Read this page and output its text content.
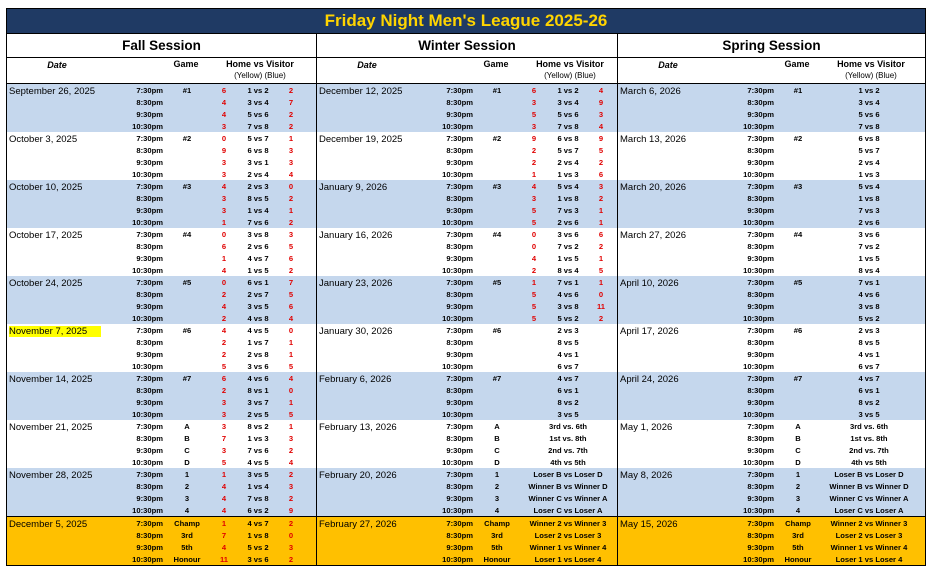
Friday Night Men's League 2025-26
Fall Session	Winter Session	Spring Session
Date	Game	Home vs Visitor
(Yellow) (Blue)
Date	Game	Home vs Visitor
(Yellow) (Blue)
Date	Game	Home vs Visitor
(Yellow) (Blue)
September 26, 2025	7:30pm	#1	6	1 vs 2	2
8:30pm	4	3 vs 4	7
9:30pm	4	5 vs 6	2
10:30pm	3	7 vs 8	2
December 12, 2025	7:30pm	#1	6	1 vs 2	4
8:30pm	3	3 vs 4	9
9:30pm	5	5 vs 6	3
10:30pm	3	7 vs 8	4
March 6, 2026	7:30pm	#1	1 vs 2
8:30pm	3 vs 4
9:30pm	5 vs 6
10:30pm	7 vs 8
October 3, 2025	7:30pm	#2	0	5 vs 7	1
8:30pm	9	6 vs 8	3
9:30pm	3	3 vs 1	3
10:30pm	3	2 vs 4	4
December 19, 2025	7:30pm	#2	9	6 vs 8	9
8:30pm	2	5 vs 7	5
9:30pm	2	2 vs 4	2
10:30pm	1	1 vs 3	6
March 13, 2026	7:30pm	#2	6 vs 8
8:30pm	5 vs 7
9:30pm	2 vs 4
10:30pm	1 vs 3
October 10, 2025	7:30pm	#3	4	2 vs 3	0
8:30pm	3	8 vs 5	2
9:30pm	3	1 vs 4	1
10:30pm	1	7 vs 6	2
January 9, 2026	7:30pm	#3	4	5 vs 4	3
8:30pm	3	1 vs 8	2
9:30pm	5	7 vs 3	1
10:30pm	5	2 vs 6	1
March 20, 2026	7:30pm	#3	5 vs 4
8:30pm	1 vs 8
9:30pm	7 vs 3
10:30pm	2 vs 6
October 17, 2025	7:30pm	#4	0	3 vs 8	3
8:30pm	6	2 vs 6	5
9:30pm	1	4 vs 7	6
10:30pm	4	1 vs 5	2
January 16, 2026	7:30pm	#4	0	3 vs 6	6
8:30pm	0	7 vs 2	2
9:30pm	4	1 vs 5	1
10:30pm	2	8 vs 4	5
March 27, 2026	7:30pm	#4	3 vs 6
8:30pm	7 vs 2
9:30pm	1 vs 5
10:30pm	8 vs 4
October 24, 2025	7:30pm	#5	0	6 vs 1	7
8:30pm	2	2 vs 7	5
9:30pm	4	3 vs 5	6
10:30pm	2	4 vs 8	4
January 23, 2026	7:30pm	#5	1	7 vs 1	1
8:30pm	5	4 vs 6	0
9:30pm	5	3 vs 8	11
10:30pm	5	5 vs 2	2
April 10, 2026	7:30pm	#5	7 vs 1
8:30pm	4 vs 6
9:30pm	3 vs 8
10:30pm	5 vs 2
November 7, 2025	7:30pm	#6	4	4 vs 5	0
8:30pm	2	1 vs 7	1
9:30pm	2	2 vs 8	1
10:30pm	5	3 vs 6	5
January 30, 2026	7:30pm	#6	2 vs 3
8:30pm	8 vs 5
9:30pm	4 vs 1
10:30pm	6 vs 7
April 17, 2026	7:30pm	#6	2 vs 3
8:30pm	8 vs 5
9:30pm	4 vs 1
10:30pm	6 vs 7
November 14, 2025	7:30pm	#7	6	4 vs 6	4
8:30pm	2	8 vs 1	0
9:30pm	3	3 vs 7	1
10:30pm	3	2 vs 5	5
February 6, 2026	7:30pm	#7	4 vs 7
8:30pm	6 vs 1
9:30pm	8 vs 2
10:30pm	3 vs 5
April 24, 2026	7:30pm	#7	4 vs 7
8:30pm	6 vs 1
9:30pm	8 vs 2
10:30pm	3 vs 5
November 21, 2025	7:30pm	A	3	8 vs 2	1
8:30pm	B	7	1 vs 3	3
9:30pm	C	3	7 vs 6	2
10:30pm	D	5	4 vs 5	4
February 13, 2026	7:30pm	A	3rd vs. 6th
8:30pm	B	1st vs. 8th
9:30pm	C	2nd vs. 7th
10:30pm	D	4th vs 5th
May 1, 2026	7:30pm	A	3rd vs. 6th
8:30pm	B	1st vs. 8th
9:30pm	C	2nd vs. 7th
10:30pm	D	4th vs 5th
November 28, 2025	7:30pm	1	1	3 vs 5	2
8:30pm	2	4	1 vs 4	3
9:30pm	3	4	7 vs 8	2
10:30pm	4	4	6 vs 2	9
February 20, 2026	7:30pm	1	Loser B vs Loser D
8:30pm	2	Winner B vs Winner D
9:30pm	3	Winner C vs Winner A
10:30pm	4	Loser C vs Loser A
May 8, 2026	7:30pm	1	Loser B vs Loser D
8:30pm	2	Winner B vs Winner D
9:30pm	3	Winner C vs Winner A
10:30pm	4	Loser C vs Loser A
December 5, 2025	7:30pm	Champ	1	4 vs 7	2
8:30pm	3rd	7	1 vs 8	0
9:30pm	5th	4	5 vs 2	3
10:30pm	Honour	11	3 vs 6	2
February 27, 2026	7:30pm	Champ	Winner 2 vs Winner 3
8:30pm	3rd	Loser 2 vs Loser 3
9:30pm	5th	Winner 1 vs Winner 4
10:30pm	Honour	Loser 1 vs Loser 4
May 15, 2026	7:30pm	Champ	Winner 2 vs Winner 3
8:30pm	3rd	Loser 2 vs Loser 3
9:30pm	5th	Winner 1 vs Winner 4
10:30pm	Honour	Loser 1 vs Loser 4
